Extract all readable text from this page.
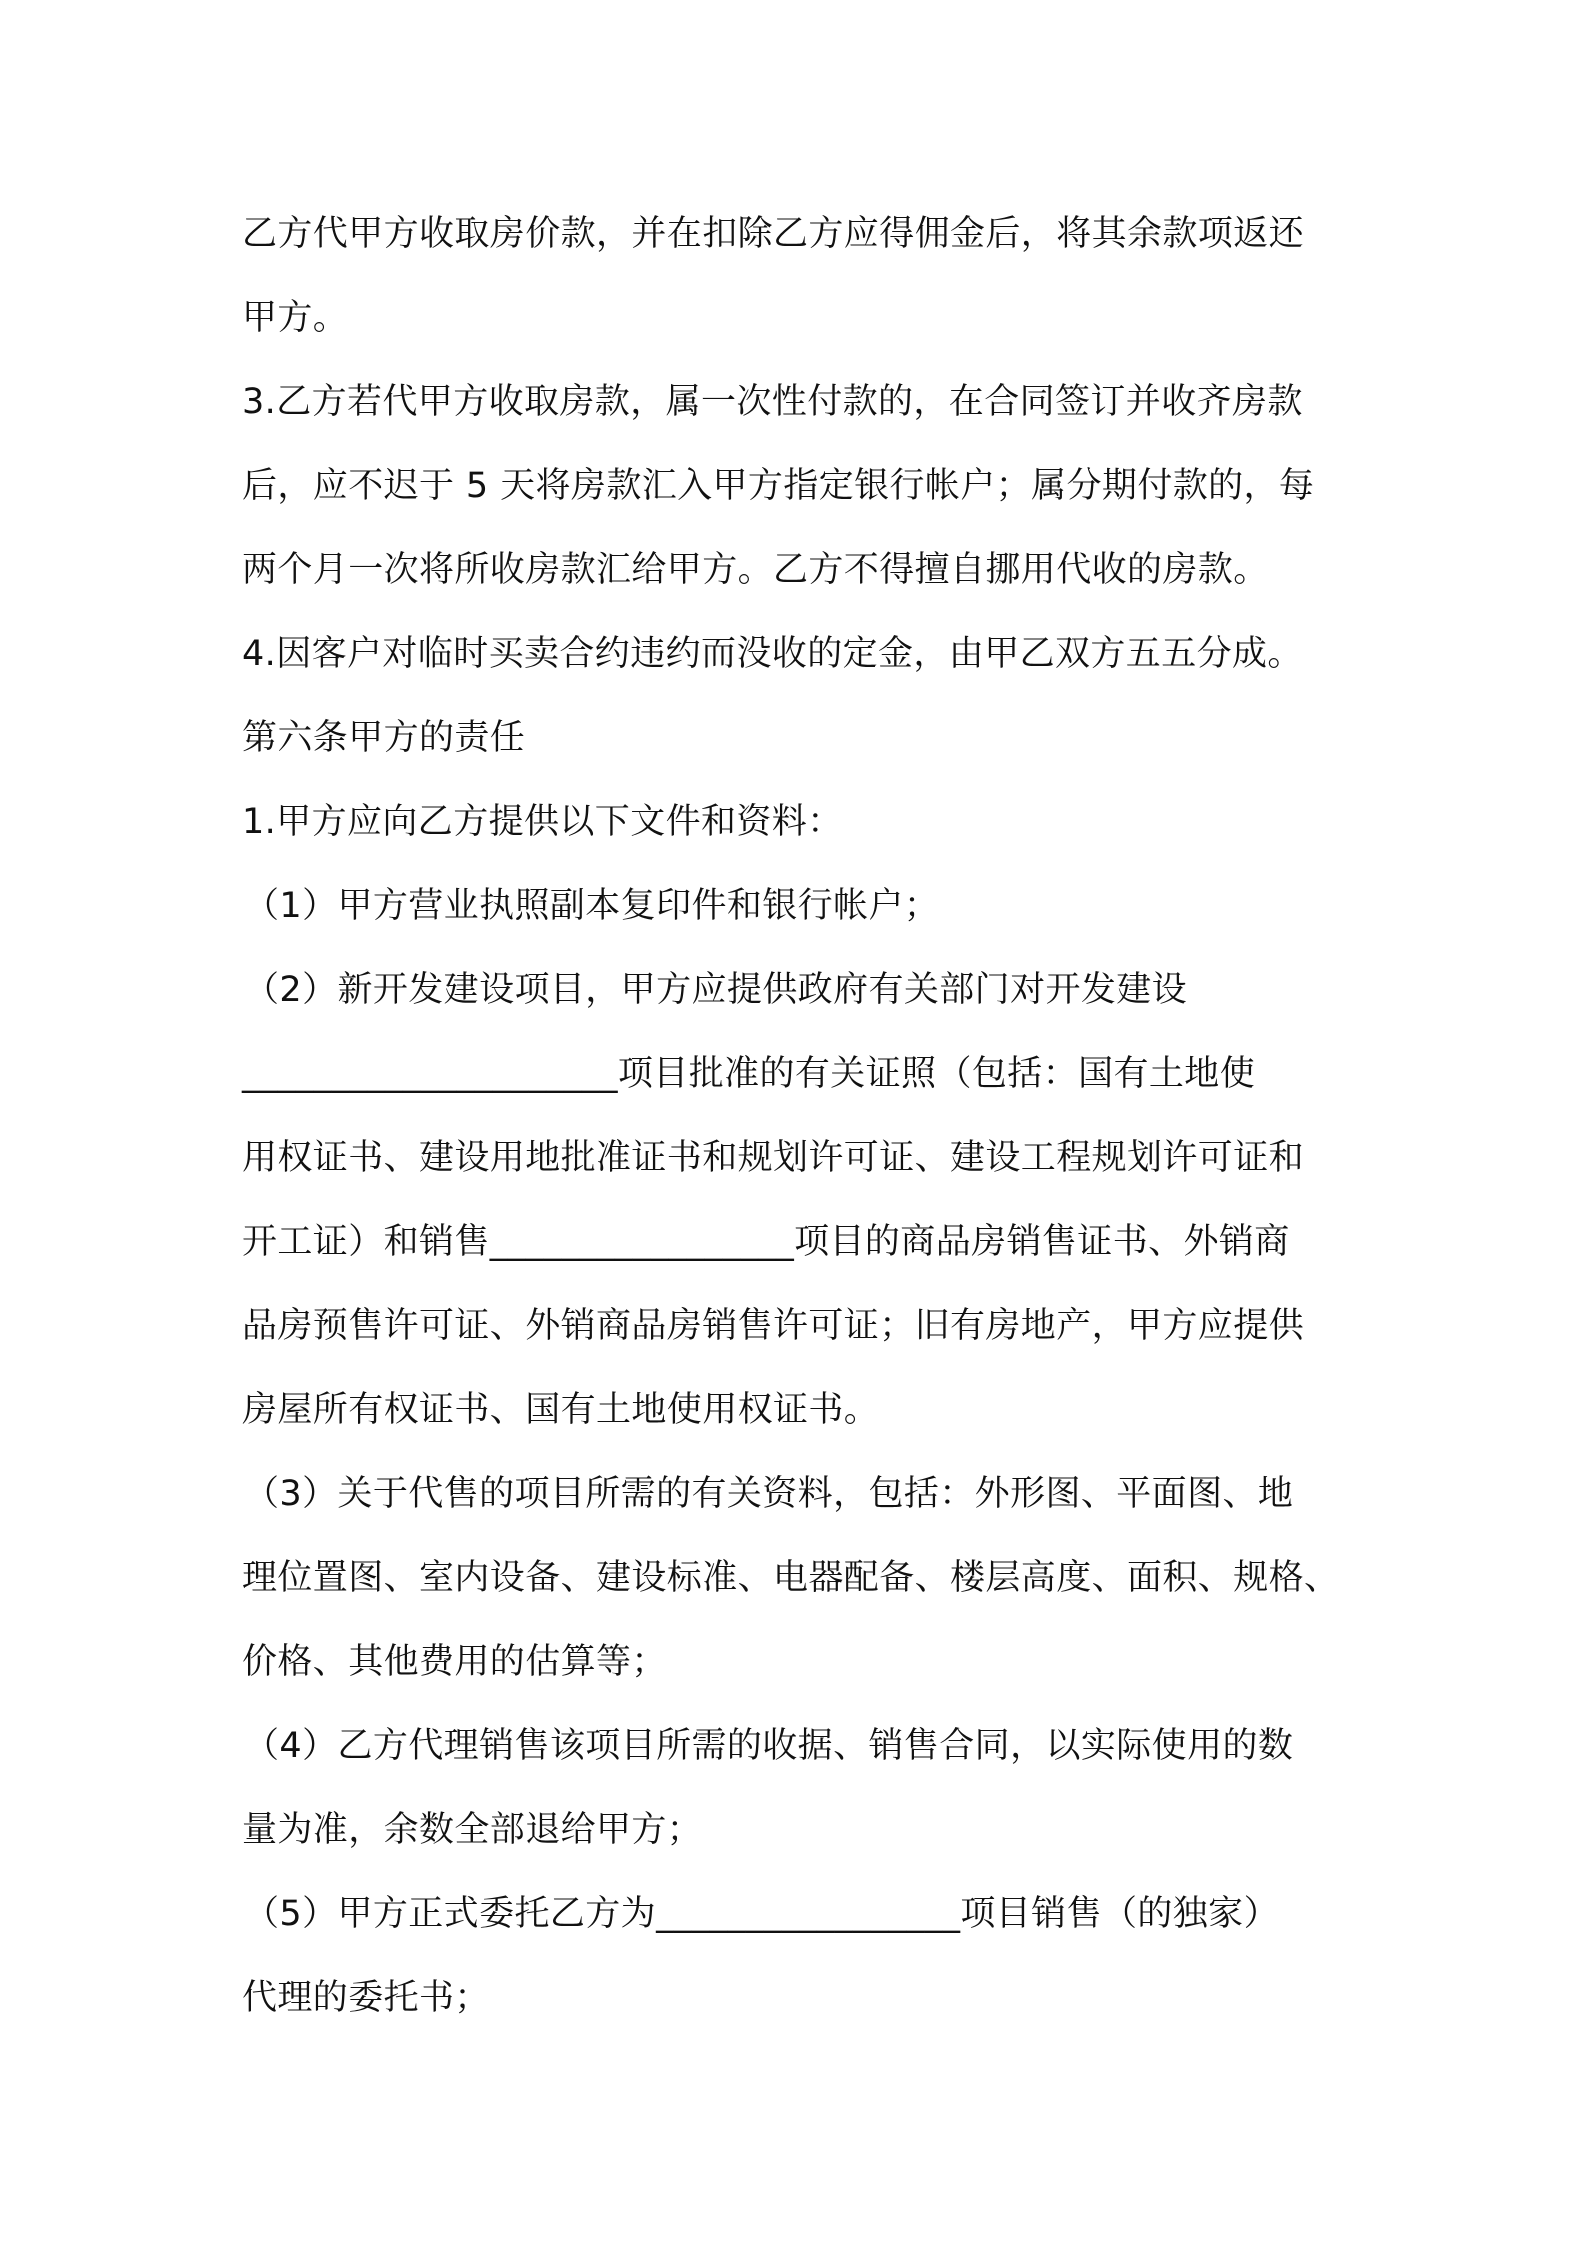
乙方代甲方收取房价款，并在扣除乙方应得佣金后，将其余款项返还
甲方。
3.乙方若代甲方收取房款，属一次性付款的，在合同签订并收齐房款
后，应不迟于 5 天将房款汇入甲方指定银行帐户；属分期付款的，每
两个月一次将所收房款汇给甲方。乙方不得擅自挪用代收的房款。
4.因客户对临时买卖合约违约而没收的定金，由甲乙双方五五分成。
第六条甲方的责任
1.甲方应向乙方提供以下文件和资料：
（1）甲方营业执照副本复印件和银行帐户；
（2）新开发建设项目，甲方应提供政府有关部门对开发建设
_____________________项目批准的有关证照（包括：国有土地使
用权证书、建设用地批准证书和规划许可证、建设工程规划许可证和
开工证）和销售_________________项目的商品房销售证书、外销商
品房预售许可证、外销商品房销售许可证；旧有房地产，甲方应提供
房屋所有权证书、国有土地使用权证书。
（3）关于代售的项目所需的有关资料，包括：外形图、平面图、地
理位置图、室内设备、建设标准、电器配备、楼层高度、面积、规格、
价格、其他费用的估算等；
（4）乙方代理销售该项目所需的收据、销售合同，以实际使用的数
量为准，余数全部退给甲方；
（5）甲方正式委托乙方为_________________项目销售（的独家）
代理的委托书；
